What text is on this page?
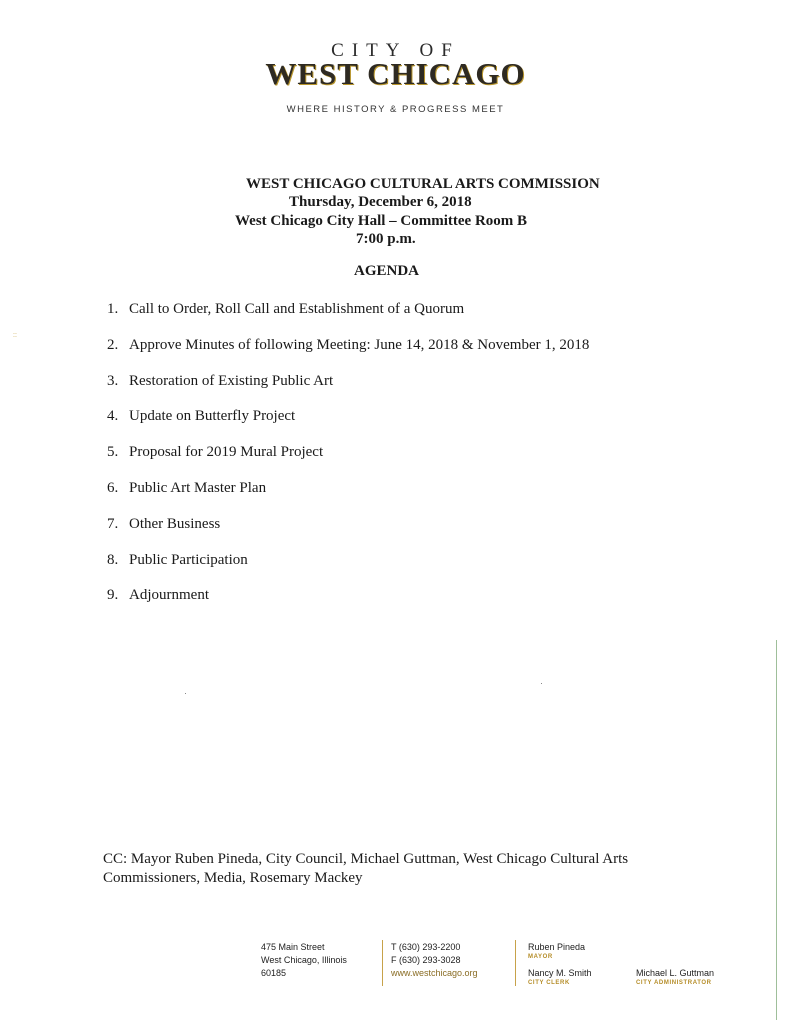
CITY OF
WEST CHICAGO
WHERE HISTORY & PROGRESS MEET
WEST CHICAGO CULTURAL ARTS COMMISSION
Thursday, December 6, 2018
West Chicago City Hall – Committee Room B
7:00 p.m.
AGENDA
1. Call to Order, Roll Call and Establishment of a Quorum
2. Approve Minutes of following Meeting: June 14, 2018 & November 1, 2018
3. Restoration of Existing Public Art
4. Update on Butterfly Project
5. Proposal for 2019 Mural Project
6. Public Art Master Plan
7. Other Business
8. Public Participation
9. Adjournment
::
CC: Mayor Ruben Pineda, City Council, Michael Guttman, West Chicago Cultural Arts
Commissioners, Media, Rosemary Mackey
475 Main Street
West Chicago, Illinois
60185
T (630) 293-2200
F (630) 293-3028
www.westchicago.org
Ruben Pineda
MAYOR
Nancy M. Smith
CITY CLERK
Michael L. Guttman
CITY ADMINISTRATOR
